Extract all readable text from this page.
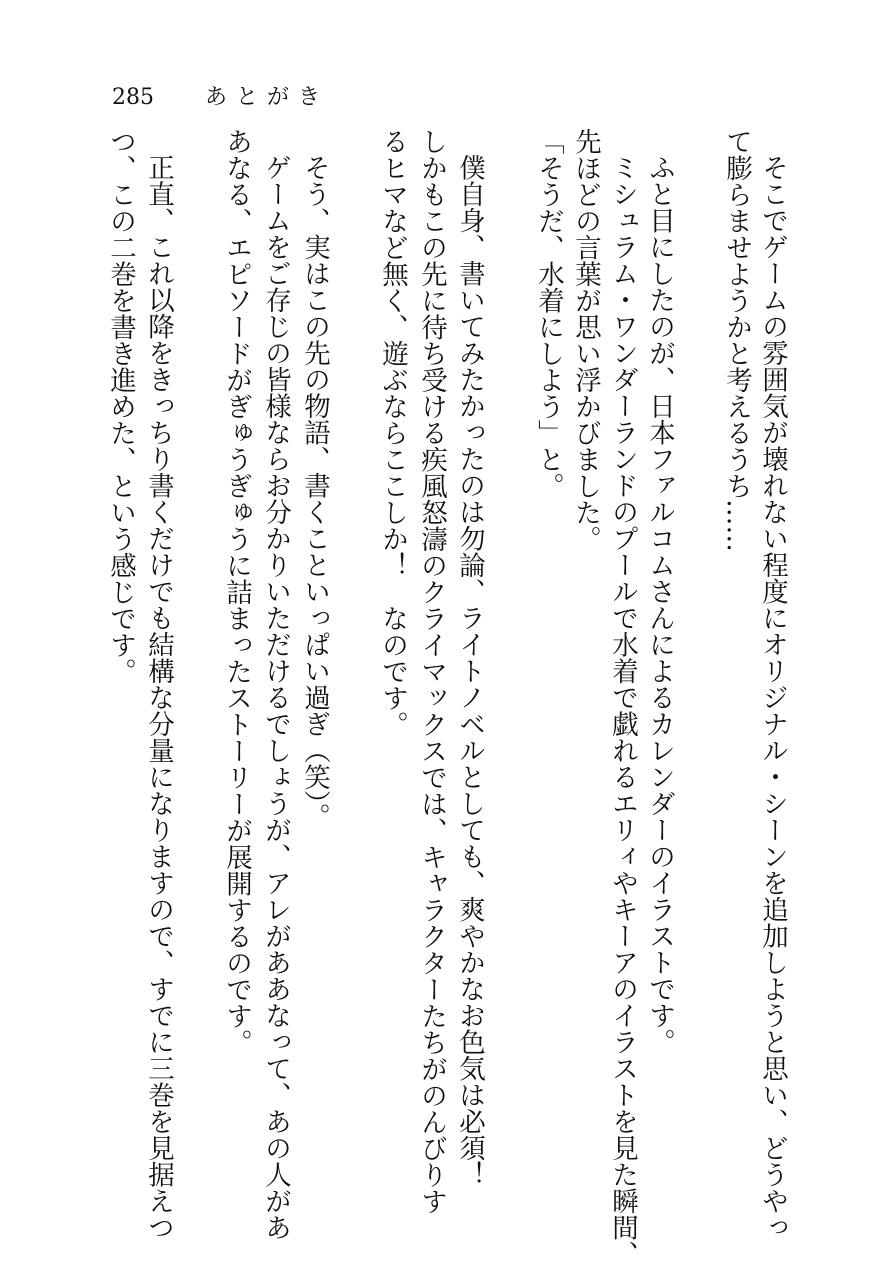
285 あとがき
そこでゲームの雰囲気が壊れない程度にオリジナル・シーンを追加しようと思い、どうやっ
て膨らませようかと考えるうち……
ふと目にしたのが、日本ファルコムさんによるカレンダーのイラストです。
ミシュラム・ワンダーランドのプールで水着で戯れるエリィやキーアのイラストを見た瞬間、
先ほどの言葉が思い浮かびました。
「そうだ、水着にしよう」と。
僕自身、書いてみたかったのは勿論、ライトノベルとしても、爽やかなお色気は必須！
しかもこの先に待ち受ける疾風怒濤のクライマックスでは、キャラクターたちがのんびりす
るヒマなど無く、遊ぶならここしか！　なのです。
そう、実はこの先の物語、書くこといっぱい過ぎ（笑）。
ゲームをご存じの皆様ならお分かりいただけるでしょうが、アレがああなって、あの人があ
あなる、エピソードがぎゅうぎゅうに詰まったストーリーが展開するのです。
正直、これ以降をきっちり書くだけでも結構な分量になりますので、すでに三巻を見据えつ
つ、この二巻を書き進めた、という感じです。
